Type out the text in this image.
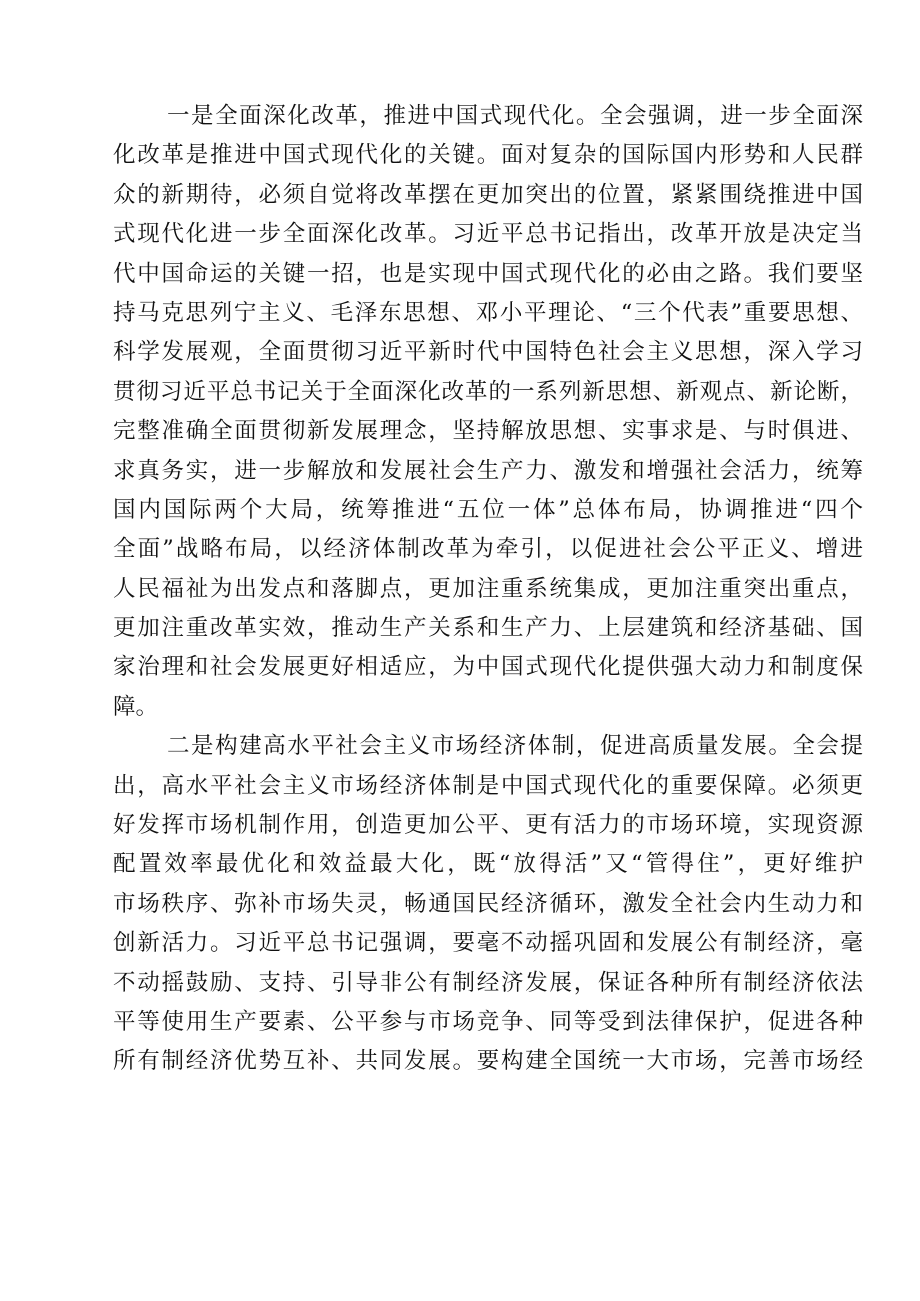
一是全面深化改革，推进中国式现代化。全会强调，进一步全面深
化改革是推进中国式现代化的关键。面对复杂的国际国内形势和人民群
众的新期待，必须自觉将改革摆在更加突出的位置，紧紧围绕推进中国
式现代化进一步全面深化改革。习近平总书记指出，改革开放是决定当
代中国命运的关键一招，也是实现中国式现代化的必由之路。我们要坚
持马克思列宁主义、毛泽东思想、邓小平理论、“三个代表”重要思想、
科学发展观，全面贯彻习近平新时代中国特色社会主义思想，深入学习
贯彻习近平总书记关于全面深化改革的一系列新思想、新观点、新论断，
完整准确全面贯彻新发展理念，坚持解放思想、实事求是、与时俱进、
求真务实，进一步解放和发展社会生产力、激发和增强社会活力，统筹
国内国际两个大局，统筹推进“五位一体”总体布局，协调推进“四个
全面”战略布局，以经济体制改革为牵引，以促进社会公平正义、增进
人民福祉为出发点和落脚点，更加注重系统集成，更加注重突出重点，
更加注重改革实效，推动生产关系和生产力、上层建筑和经济基础、国
家治理和社会发展更好相适应，为中国式现代化提供强大动力和制度保
障。
二是构建高水平社会主义市场经济体制，促进高质量发展。全会提
出，高水平社会主义市场经济体制是中国式现代化的重要保障。必须更
好发挥市场机制作用，创造更加公平、更有活力的市场环境，实现资源
配置效率最优化和效益最大化，既“放得活”又“管得住”，更好维护
市场秩序、弥补市场失灵，畅通国民经济循环，激发全社会内生动力和
创新活力。习近平总书记强调，要毫不动摇巩固和发展公有制经济，毫
不动摇鼓励、支持、引导非公有制经济发展，保证各种所有制经济依法
平等使用生产要素、公平参与市场竞争、同等受到法律保护，促进各种
所有制经济优势互补、共同发展。要构建全国统一大市场，完善市场经
